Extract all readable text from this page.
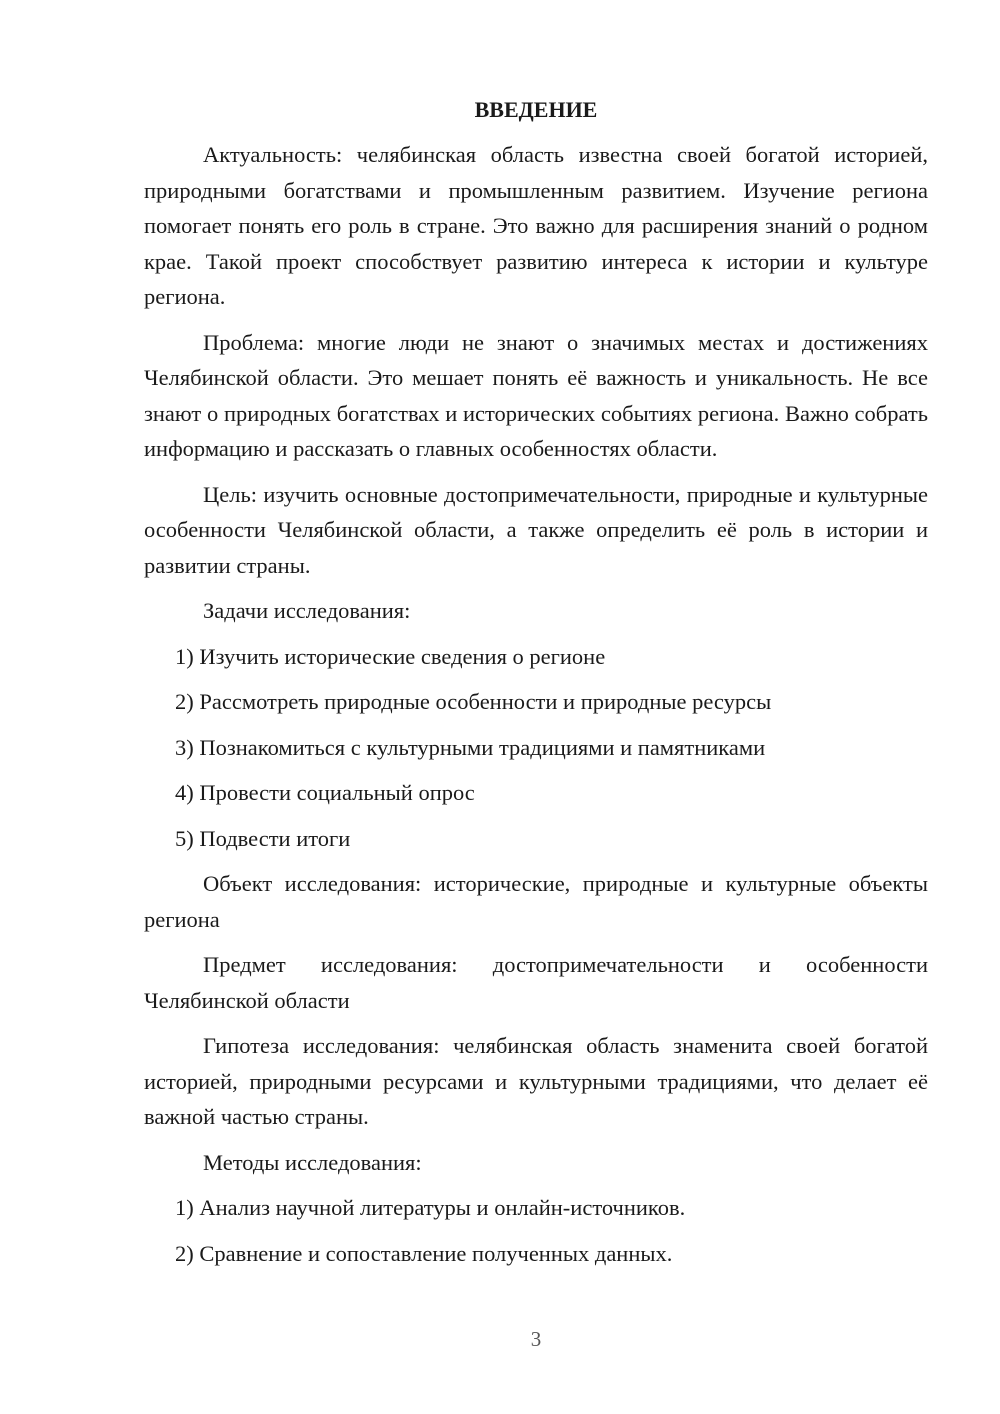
ВВЕДЕНИЕ

Актуальность: челябинская область известна своей богатой историей, природными богатствами и промышленным развитием. Изучение региона помогает понять его роль в стране. Это важно для расширения знаний о родном крае. Такой проект способствует развитию интереса к истории и культуре региона.

Проблема: многие люди не знают о значимых местах и достижениях Челябинской области. Это мешает понять её важность и уникальность. Не все знают о природных богатствах и исторических событиях региона. Важно собрать информацию и рассказать о главных особенностях области.

Цель: изучить основные достопримечательности, природные и культурные особенности Челябинской области, а также определить её роль в истории и развитии страны.

Задачи исследования:

1) Изучить исторические сведения о регионе

2) Рассмотреть природные особенности и природные ресурсы

3) Познакомиться с культурными традициями и памятниками

4) Провести социальный опрос

5) Подвести итоги

Объект исследования: исторические, природные и культурные объекты региона

Предмет исследования: достопримечательности и особенности Челябинской области

Гипотеза исследования: челябинская область знаменита своей богатой историей, природными ресурсами и культурными традициями, что делает её важной частью страны.

Методы исследования:

1) Анализ научной литературы и онлайн-источников.

2) Сравнение и сопоставление полученных данных.

3
